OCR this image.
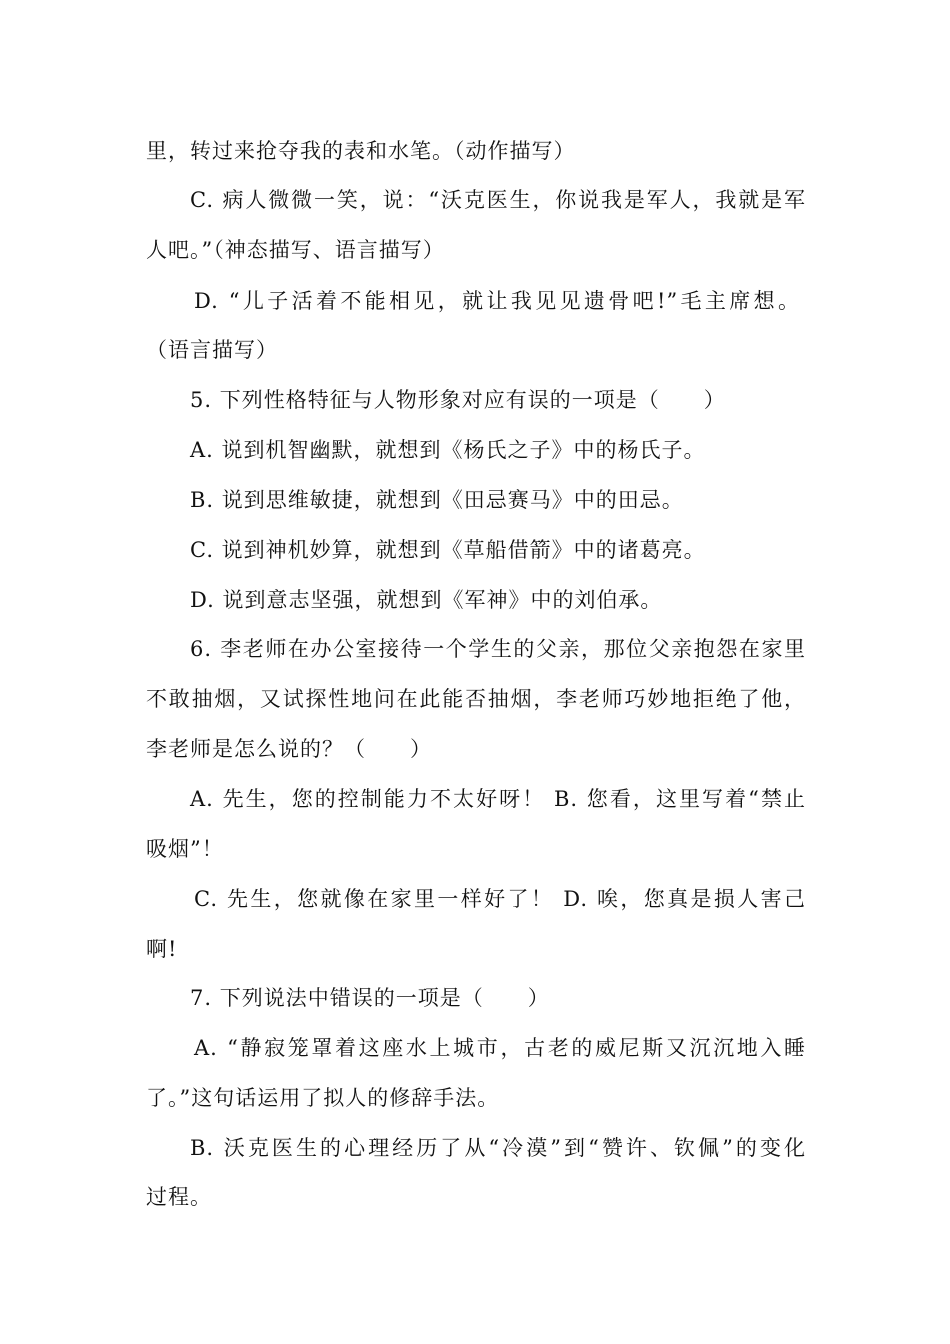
里，转过来抢夺我的表和水笔。（动作描写）
C. 病人微微一笑，说：“沃克医生，你说我是军人，我就是军
人吧。”（神态描写、语言描写）
D. “儿子活着不能相见，就让我见见遗骨吧!”毛主席想。
（语言描写）
5. 下列性格特征与人物形象对应有误的一项是（　　）
A. 说到机智幽默，就想到《杨氏之子》中的杨氏子。
B. 说到思维敏捷，就想到《田忌赛马》中的田忌。
C. 说到神机妙算，就想到《草船借箭》中的诸葛亮。
D. 说到意志坚强，就想到《军神》中的刘伯承。
6. 李老师在办公室接待一个学生的父亲，那位父亲抱怨在家里
不敢抽烟，又试探性地问在此能否抽烟，李老师巧妙地拒绝了他，
李老师是怎么说的？（　　）
A. 先生，您的控制能力不太好呀！ B. 您看，这里写着“禁止
吸烟”！
C. 先生，您就像在家里一样好了！ D. 唉，您真是损人害己
啊!
7. 下列说法中错误的一项是（　　）
A. “静寂笼罩着这座水上城市，古老的威尼斯又沉沉地入睡
了。”这句话运用了拟人的修辞手法。
B. 沃克医生的心理经历了从“冷漠”到“赞许、钦佩”的变化
过程。
